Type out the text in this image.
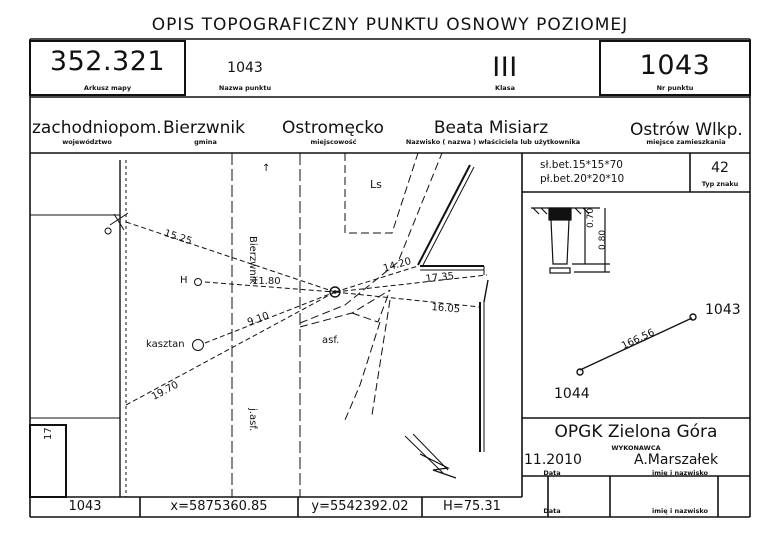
OPIS TOPOGRAFICZNY PUNKTU OSNOWY POZIOMEJ
352.321
Arkusz mapy
1043
Nazwa punktu
III
Klasa
1043
Nr punktu
zachodniopom.
województwo
Bierzwnik
gmina
Ostromęcko
miejscowość
Beata Misiarz
Nazwisko ( nazwa ) właściciela lub użytkownika
Ostrów Wlkp.
miejsce zamieszkania
sł.bet.15*15*70
pł.bet.20*20*10
42
Typ znaku
0.70
0.80
1043
1044
166.56
Bierzwnik
↑
Ls
asf.
j.asf.
kasztan
H
17
15.25
11.80
9.10
19.70
14.20
17.35
16.05
OPGK Zielona Góra
WYKONAWCA
11.2010
Data
A.Marszałek
imię i nazwisko
Data	imię i nazwisko
1043	x=5875360.85	y=5542392.02	H=75.31
